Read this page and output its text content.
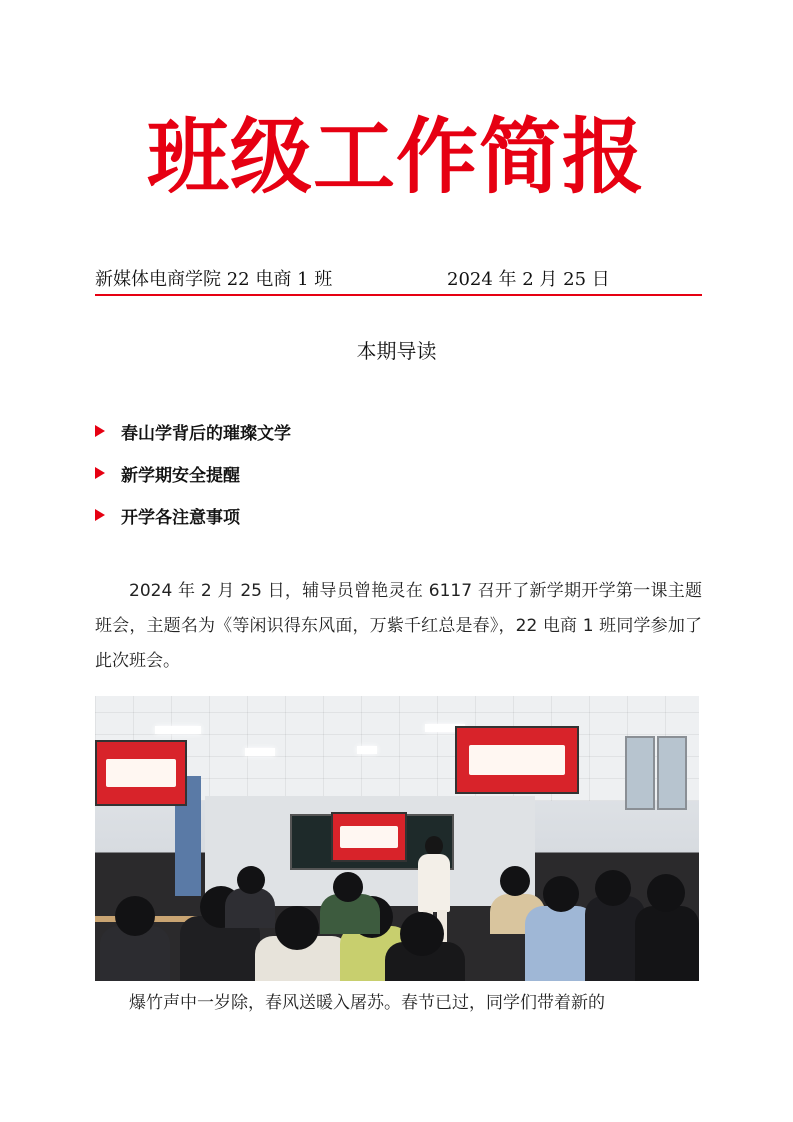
班级工作简报
新媒体电商学院 22 电商 1 班	2024 年 2 月 25 日
本期导读
春山学背后的璀璨文学
新学期安全提醒
开学各注意事项

2024 年 2 月 25 日，辅导员曾艳灵在 6117 召开了新学期开学第一课主题班会，主题名为《等闲识得东风面，万紫千红总是春》，22 电商 1 班同学参加了此次班会。

爆竹声中一岁除，春风送暖入屠苏。春节已过，同学们带着新的
